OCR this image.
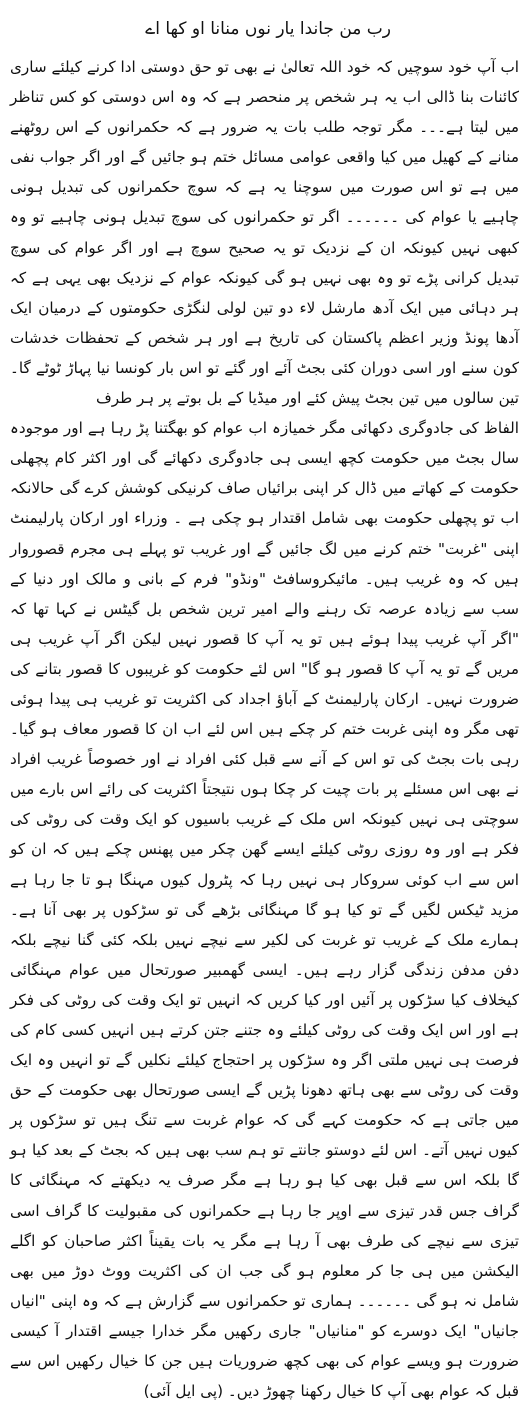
رب من جاندا یار نوں منانا او کھا اے

اب آپ خود سوچیں کہ خود اللہ تعالیٰ نے بھی تو حق دوستی ادا کرنے کیلئے ساری کائنات بنا ڈالی اب یہ ہر شخص پر منحصر ہے کہ وہ اس دوستی کو کس تناظر میں لیتا ہے۔۔۔ مگر توجہ طلب بات یہ ضرور ہے کہ حکمرانوں کے اس روٹھنے منانے کے کھیل میں کیا واقعی عوامی مسائل ختم ہو جائیں گے اور اگر جواب نفی میں ہے تو اس صورت میں سوچنا یہ ہے کہ سوچ حکمرانوں کی تبدیل ہونی چاہیے یا عوام کی ۔۔۔۔۔۔ اگر تو حکمرانوں کی سوچ تبدیل ہونی چاہیے تو وہ کبھی نہیں کیونکہ ان کے نزدیک تو یہ صحیح سوچ ہے اور اگر عوام کی سوچ تبدیل کرانی پڑے تو وہ بھی نہیں ہو گی کیونکہ عوام کے نزدیک بھی یہی ہے کہ ہر دہائی میں ایک آدھ مارشل لاء دو تین لولی لنگڑی حکومتوں کے درمیان ایک آدھا پونڈ وزیر اعظم پاکستان کی تاریخ ہے اور ہر شخص کے تحفظات خدشات کون سنے اور اسی دوران کئی بجٹ آئے اور گئے تو اس بار کونسا نیا پہاڑ ٹوٹے گا۔ تین سالوں میں تین بجٹ پیش کئے اور میڈیا کے بل بوتے پر ہر طرف

الفاظ کی جادوگری دکھائی مگر خمیازہ اب عوام کو بھگتنا پڑ رہا ہے اور موجودہ سال بجٹ میں حکومت کچھ ایسی ہی جادوگری دکھائے گی اور اکثر کام پچھلی حکومت کے کھاتے میں ڈال کر اپنی برائیاں صاف کرنیکی کوشش کرے گی حالانکہ اب تو پچھلی حکومت بھی شامل اقتدار ہو چکی ہے ۔ وزراء اور ارکان پارلیمنٹ اپنی "غربت" ختم کرنے میں لگ جائیں گے اور غریب تو پہلے ہی مجرم قصوروار ہیں کہ وہ غریب ہیں۔ مائیکروسافٹ "ونڈو" فرم کے بانی و مالک اور دنیا کے سب سے زیادہ عرصہ تک رہنے والے امیر ترین شخص بل گیٹس نے کہا تھا کہ "اگر آپ غریب پیدا ہوئے ہیں تو یہ آپ کا قصور نہیں لیکن اگر آپ غریب ہی مریں گے تو یہ آپ کا قصور ہو گا" اس لئے حکومت کو غریبوں کا قصور بتانے کی ضرورت نہیں۔ ارکان پارلیمنٹ کے آباؤ اجداد کی اکثریت تو غریب ہی پیدا ہوئی تھی مگر وہ اپنی غربت ختم کر چکے ہیں اس لئے اب ان کا قصور معاف ہو گیا۔ رہی بات بجٹ کی تو اس کے آنے سے قبل کئی افراد نے اور خصوصاً غریب افراد نے بھی اس مسئلے پر بات چیت کر چکا ہوں نتیجتاً اکثریت کی رائے اس بارے میں سوچتی ہی نہیں کیونکہ اس ملک کے غریب باسیوں کو ایک وقت کی روٹی کی فکر ہے اور وہ روزی روٹی کیلئے ایسے گھن چکر میں پھنس چکے ہیں کہ ان کو اس سے اب کوئی سروکار ہی نہیں رہا کہ پٹرول کیوں مہنگا ہو تا جا رہا ہے مزید ٹیکس لگیں گے تو کیا ہو گا مہنگائی بڑھے گی تو سڑکوں پر بھی آنا ہے۔ ہمارے ملک کے غریب تو غربت کی لکیر سے نیچے نہیں بلکہ کئی گنا نیچے بلکہ دفن مدفن زندگی گزار رہے ہیں۔ ایسی گھمبیر صورتحال میں عوام مہنگائی کیخلاف کیا سڑکوں پر آئیں اور کیا کریں کہ انہیں تو ایک وقت کی روٹی کی فکر ہے اور اس ایک وقت کی روٹی کیلئے وہ جتنے جتن کرتے ہیں انہیں کسی کام کی فرصت ہی نہیں ملتی اگر وہ سڑکوں پر احتجاج کیلئے نکلیں گے تو انہیں وہ ایک وقت کی روٹی سے بھی ہاتھ دھونا پڑیں گے ایسی صورتحال بھی حکومت کے حق میں جاتی ہے کہ حکومت کہے گی کہ عوام غربت سے تنگ ہیں تو سڑکوں پر کیوں نہیں آتے۔ اس لئے دوستو جانتے تو ہم سب بھی ہیں کہ بجٹ کے بعد کیا ہو گا بلکہ اس سے قبل بھی کیا ہو رہا ہے مگر صرف یہ دیکھتے کہ مہنگائی کا گراف جس قدر تیزی سے اوپر جا رہا ہے حکمرانوں کی مقبولیت کا گراف اسی تیزی سے نیچے کی طرف بھی آ رہا ہے مگر یہ بات یقیناً اکثر صاحبان کو اگلے الیکشن میں ہی جا کر معلوم ہو گی جب ان کی اکثریت ووٹ دوڑ میں بھی شامل نہ ہو گی ۔۔۔۔۔۔ ہماری تو حکمرانوں سے گزارش ہے کہ وہ اپنی "انیاں جانیاں" ایک دوسرے کو "منانیاں" جاری رکھیں مگر خدارا جیسے اقتدار آ کیسی ضرورت ہو ویسے عوام کی بھی کچھ ضروریات ہیں جن کا خیال رکھیں اس سے قبل کہ عوام بھی آپ کا خیال رکھنا چھوڑ دیں۔ (پی ایل آئی)
